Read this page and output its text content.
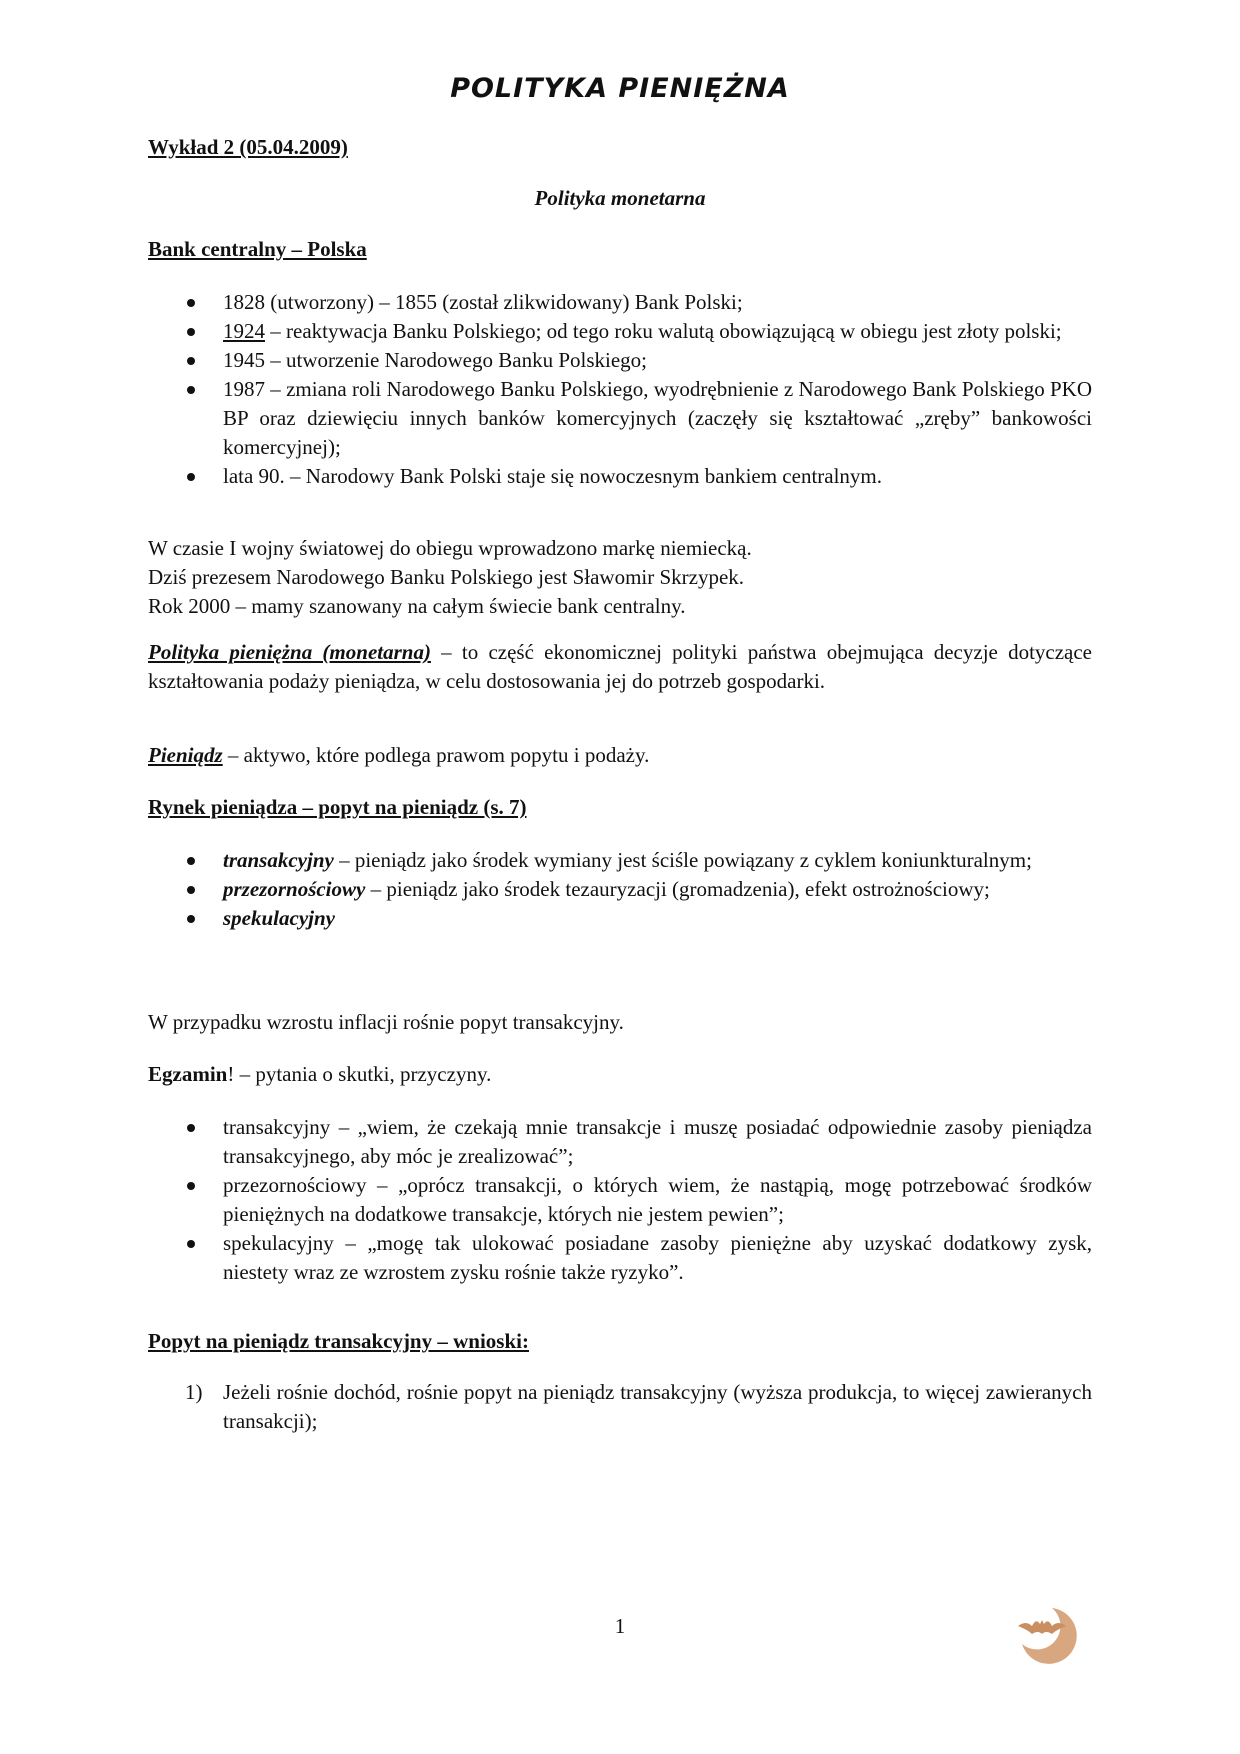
POLITYKA PIENIĘŻNA
Wykład 2 (05.04.2009)
Polityka monetarna
Bank centralny – Polska
1828 (utworzony) – 1855 (został zlikwidowany) Bank Polski;
1924 – reaktywacja Banku Polskiego; od tego roku walutą obowiązującą w obiegu jest złoty polski;
1945 – utworzenie Narodowego Banku Polskiego;
1987 – zmiana roli Narodowego Banku Polskiego, wyodrębnienie z Narodowego Bank Polskiego PKO BP oraz dziewięciu innych banków komercyjnych (zaczęły się kształtować „zręby” bankowości komercyjnej);
lata 90. – Narodowy Bank Polski staje się nowoczesnym bankiem centralnym.

W czasie I wojny światowej do obiegu wprowadzono markę niemiecką.
Dziś prezesem Narodowego Banku Polskiego jest Sławomir Skrzypek.
Rok 2000 – mamy szanowany na całym świecie bank centralny.

Polityka pieniężna (monetarna) – to część ekonomicznej polityki państwa obejmująca decyzje dotyczące kształtowania podaży pieniądza, w celu dostosowania jej do potrzeb gospodarki.

Pieniądz – aktywo, które podlega prawom popytu i podaży.

Rynek pieniądza – popyt na pieniądz (s. 7)
transakcyjny – pieniądz jako środek wymiany jest ściśle powiązany z cyklem koniunkturalnym;
przezornościowy – pieniądz jako środek tezauryzacji (gromadzenia), efekt ostrożnościowy;
spekulacyjny

W przypadku wzrostu inflacji rośnie popyt transakcyjny.

Egzamin! – pytania o skutki, przyczyny.

transakcyjny – „wiem, że czekają mnie transakcje i muszę posiadać odpowiednie zasoby pieniądza transakcyjnego, aby móc je zrealizować”;
przezornościowy – „oprócz transakcji, o których wiem, że nastąpią, mogę potrzebować środków pieniężnych na dodatkowe transakcje, których nie jestem pewien”;
spekulacyjny – „mogę tak ulokować posiadane zasoby pieniężne aby uzyskać dodatkowy zysk, niestety wraz ze wzrostem zysku rośnie także ryzyko”.
Popyt na pieniądz transakcyjny – wnioski:
1) Jeżeli rośnie dochód, rośnie popyt na pieniądz transakcyjny (wyższa produkcja, to więcej zawieranych transakcji);
1
